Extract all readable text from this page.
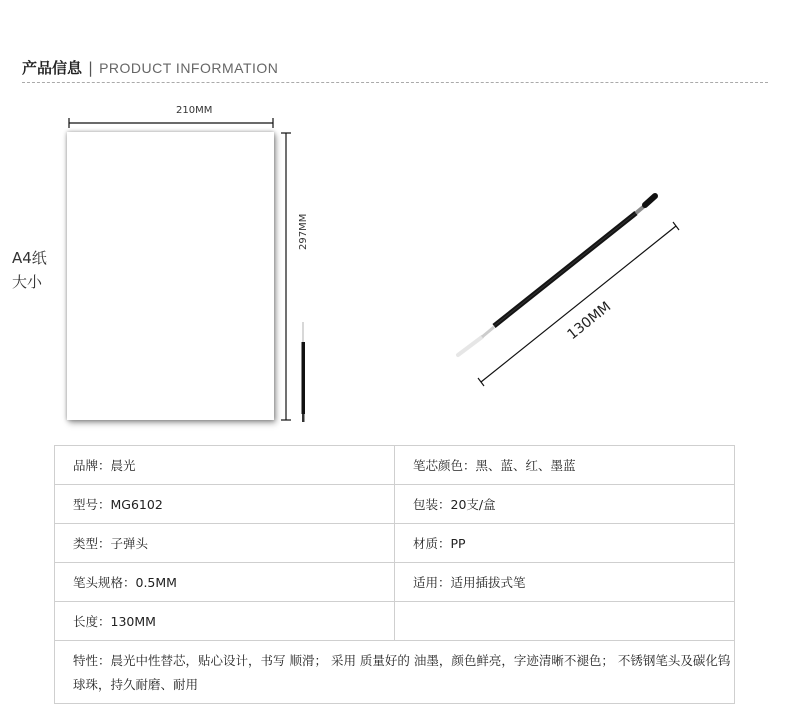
产品信息 | PRODUCT INFORMATION
A4纸
大小
130MM
210MM
297MM
品牌：晨光	笔芯颜色：黑、蓝、红、墨蓝
型号：MG6102	包装：20支/盒
类型：子弹头	材质：PP
笔头规格：0.5MM	适用：适用插拔式笔
长度：130MM	
特性：晨光中性替芯，贴心设计，书写 顺滑； 采用 质量好的 油墨，颜色鲜亮，字迹清晰不褪色； 不锈钢笔头及碳化钨球珠，持久耐磨、耐用	
